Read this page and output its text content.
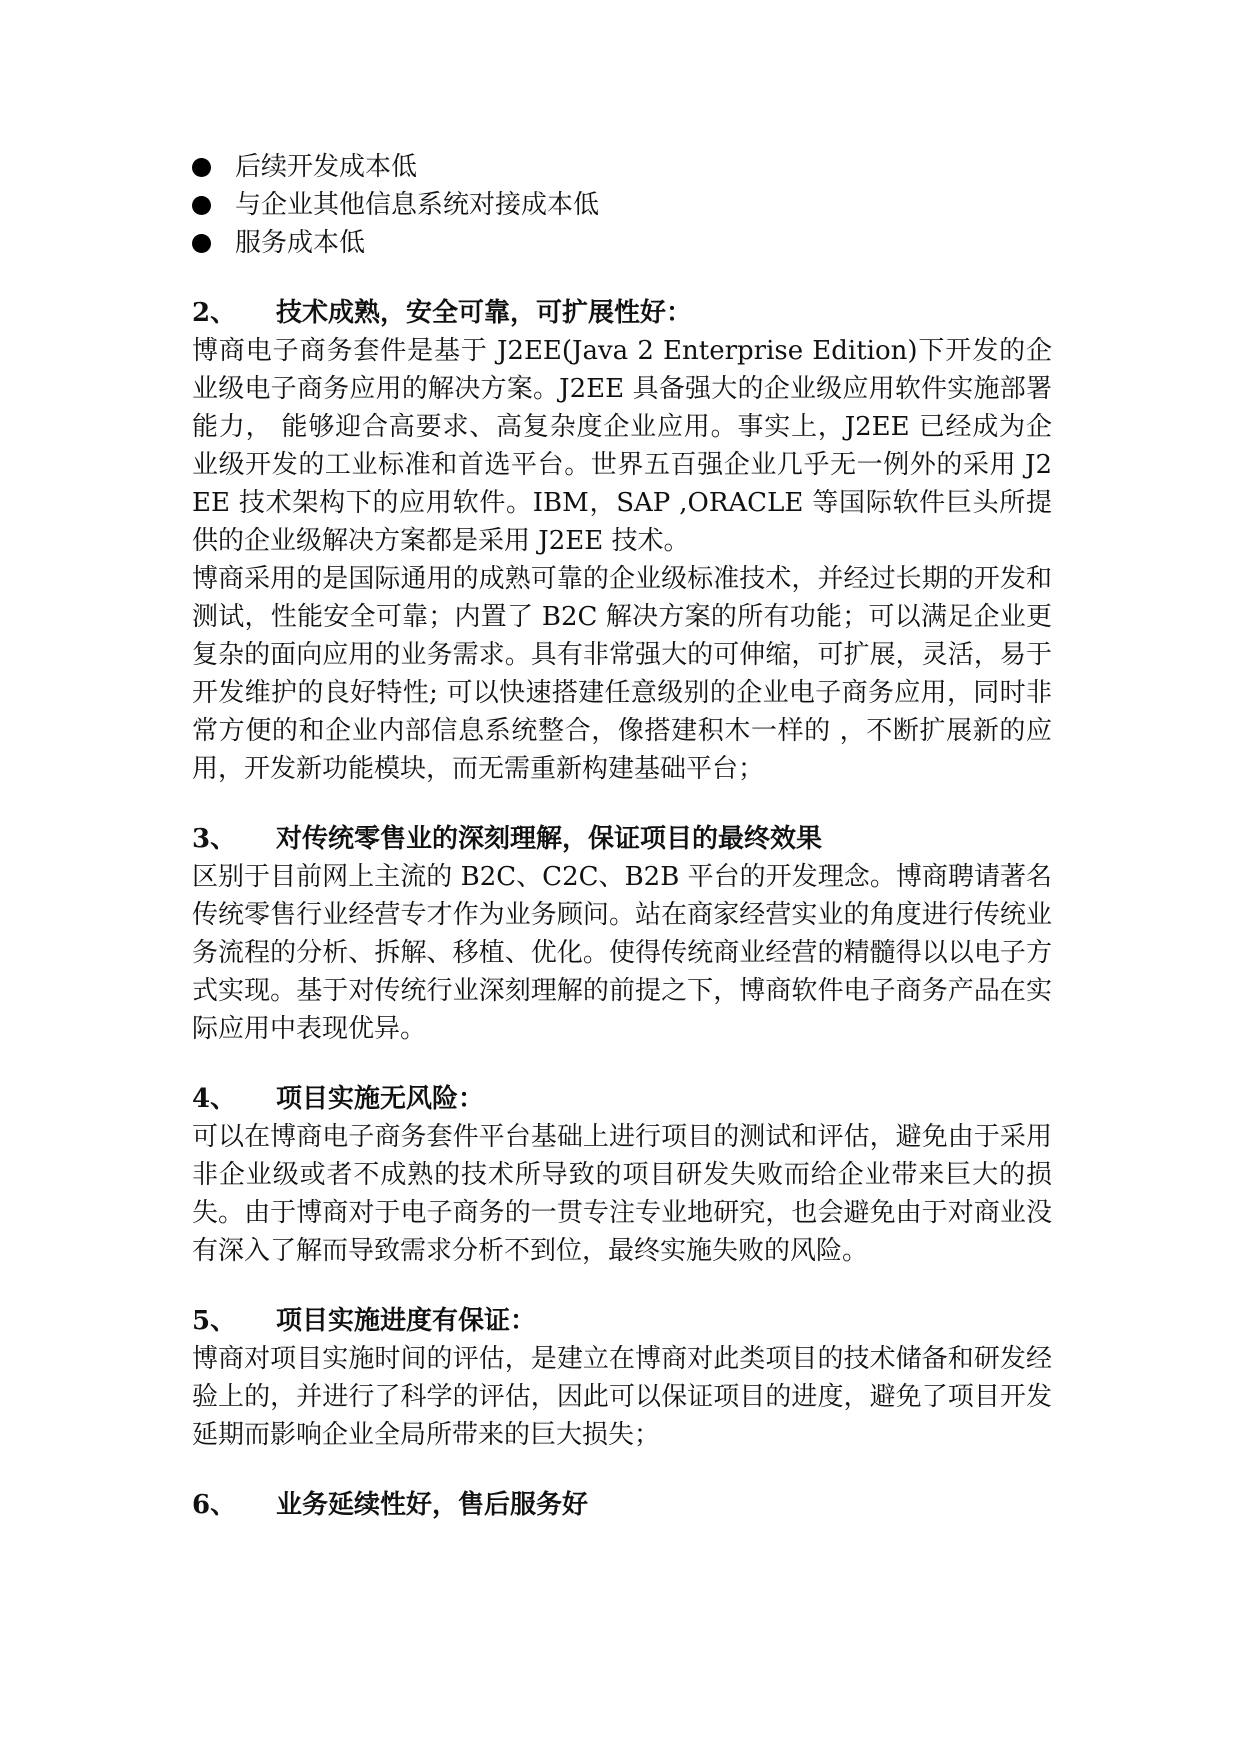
后续开发成本低
与企业其他信息系统对接成本低
服务成本低
2、	技术成熟，安全可靠，可扩展性好：

博商电子商务套件是基于 J2EE(Java 2 Enterprise Edition)下开发的企业级电子商务应用的解决方案。J2EE 具备强大的企业级应用软件实施部署能力， 能够迎合高要求、高复杂度企业应用。事实上，J2EE 已经成为企业级开发的工业标准和首选平台。世界五百强企业几乎无一例外的采用 J2EE 技术架构下的应用软件。IBM，SAP ,ORACLE 等国际软件巨头所提供的企业级解决方案都是采用 J2EE 技术。

博商采用的是国际通用的成熟可靠的企业级标准技术，并经过长期的开发和测试，性能安全可靠；内置了 B2C 解决方案的所有功能；可以满足企业更复杂的面向应用的业务需求。具有非常强大的可伸缩，可扩展，灵活，易于开发维护的良好特性; 可以快速搭建任意级别的企业电子商务应用，同时非常方便的和企业内部信息系统整合，像搭建积木一样的 ，不断扩展新的应用，开发新功能模块，而无需重新构建基础平台；

3、	对传统零售业的深刻理解，保证项目的最终效果

区别于目前网上主流的 B2C、C2C、B2B 平台的开发理念。博商聘请著名传统零售行业经营专才作为业务顾问。站在商家经营实业的角度进行传统业务流程的分析、拆解、移植、优化。使得传统商业经营的精髓得以以电子方式实现。基于对传统行业深刻理解的前提之下，博商软件电子商务产品在实际应用中表现优异。

4、	项目实施无风险：

可以在博商电子商务套件平台基础上进行项目的测试和评估，避免由于采用非企业级或者不成熟的技术所导致的项目研发失败而给企业带来巨大的损失。由于博商对于电子商务的一贯专注专业地研究，也会避免由于对商业没有深入了解而导致需求分析不到位，最终实施失败的风险。

5、	项目实施进度有保证：

博商对项目实施时间的评估，是建立在博商对此类项目的技术储备和研发经验上的，并进行了科学的评估，因此可以保证项目的进度，避免了项目开发延期而影响企业全局所带来的巨大损失；

6、	业务延续性好，售后服务好
